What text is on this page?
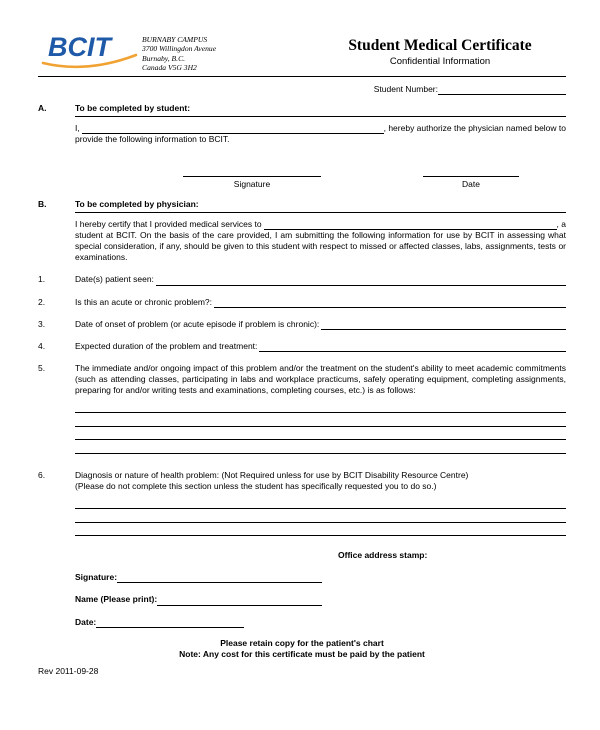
BCIT	BURNABY CAMPUS
3700 Willingdon Avenue
Burnaby, B.C.
Canada V5G 3H2
Student Medical Certificate
Confidential Information
Student Number:
A.	To be completed by student:
I,	, hereby authorize the physician named below to
provide the following information to BCIT.
Signature	Date
B.	To be completed by physician:
I hereby certify that I provided medical services to	, a
student at BCIT. On the basis of the care provided, I am submitting the following information for use by BCIT in assessing what special consideration, if any, should be given to this student with respect to missed or affected classes, labs, assignments, tests or examinations.
1.	Date(s) patient seen:
2.	Is this an acute or chronic problem?:
3.	Date of onset of problem (or acute episode if problem is chronic):
4.	Expected duration of the problem and treatment:
5.	The immediate and/or ongoing impact of this problem and/or the treatment on the student's ability to meet academic commitments (such as attending classes, participating in labs and workplace practicums, safely operating equipment, completing assignments, preparing for and/or writing tests and examinations, completing courses, etc.) is as follows:
6.	Diagnosis or nature of health problem: (Not Required unless for use by BCIT Disability Resource Centre)
(Please do not complete this section unless the student has specifically requested you to do so.)
Office address stamp:
Signature:
Name (Please print):
Date:
Please retain copy for the patient's chart
Note: Any cost for this certificate must be paid by the patient
Rev 2011-09-28
